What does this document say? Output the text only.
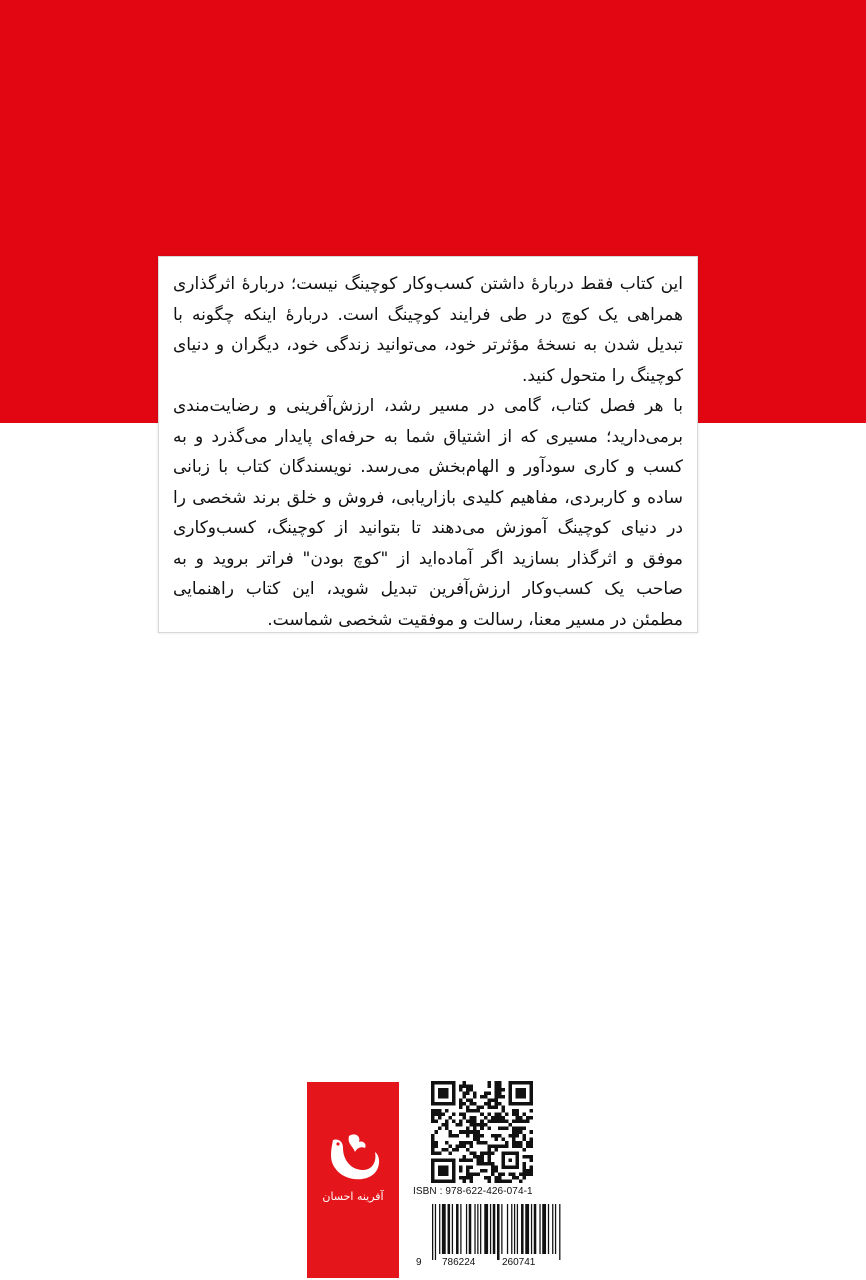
این کتاب فقط دربارهٔ داشتن کسب‌وکار کوچینگ نیست؛ دربارهٔ اثرگذاری همراهی یک کوچ در طی فرایند کوچینگ است. دربارهٔ اینکه چگونه با تبدیل شدن به نسخهٔ مؤثرتر خود، می‌توانید زندگی خود، دیگران و دنیای کوچینگ را متحول کنید.

با هر فصل کتاب، گامی در مسیر رشد، ارزش‌آفرینی و رضایت‌مندی برمی‌دارید؛ مسیری که از اشتیاق شما به حرفه‌ای پایدار می‌گذرد و به کسب و کاری سودآور و الهام‌بخش می‌رسد. نویسندگان کتاب با زبانی ساده و کاربردی، مفاهیم کلیدی بازاریابی، فروش و خلق برند شخصی را در دنیای کوچینگ آموزش می‌دهند تا بتوانید از کوچینگ، کسب‌وکاری موفق و اثرگذار بسازید اگر آماده‌اید از "کوچ بودن" فراتر بروید و به صاحب یک کسب‌وکار ارزش‌آفرین تبدیل شوید، این کتاب راهنمایی مطمئن در مسیر معنا، رسالت و موفقیت شخصی شماست.

آفرینه احسان	ISBN : 978-622-426-074-1
9 786224	260741
